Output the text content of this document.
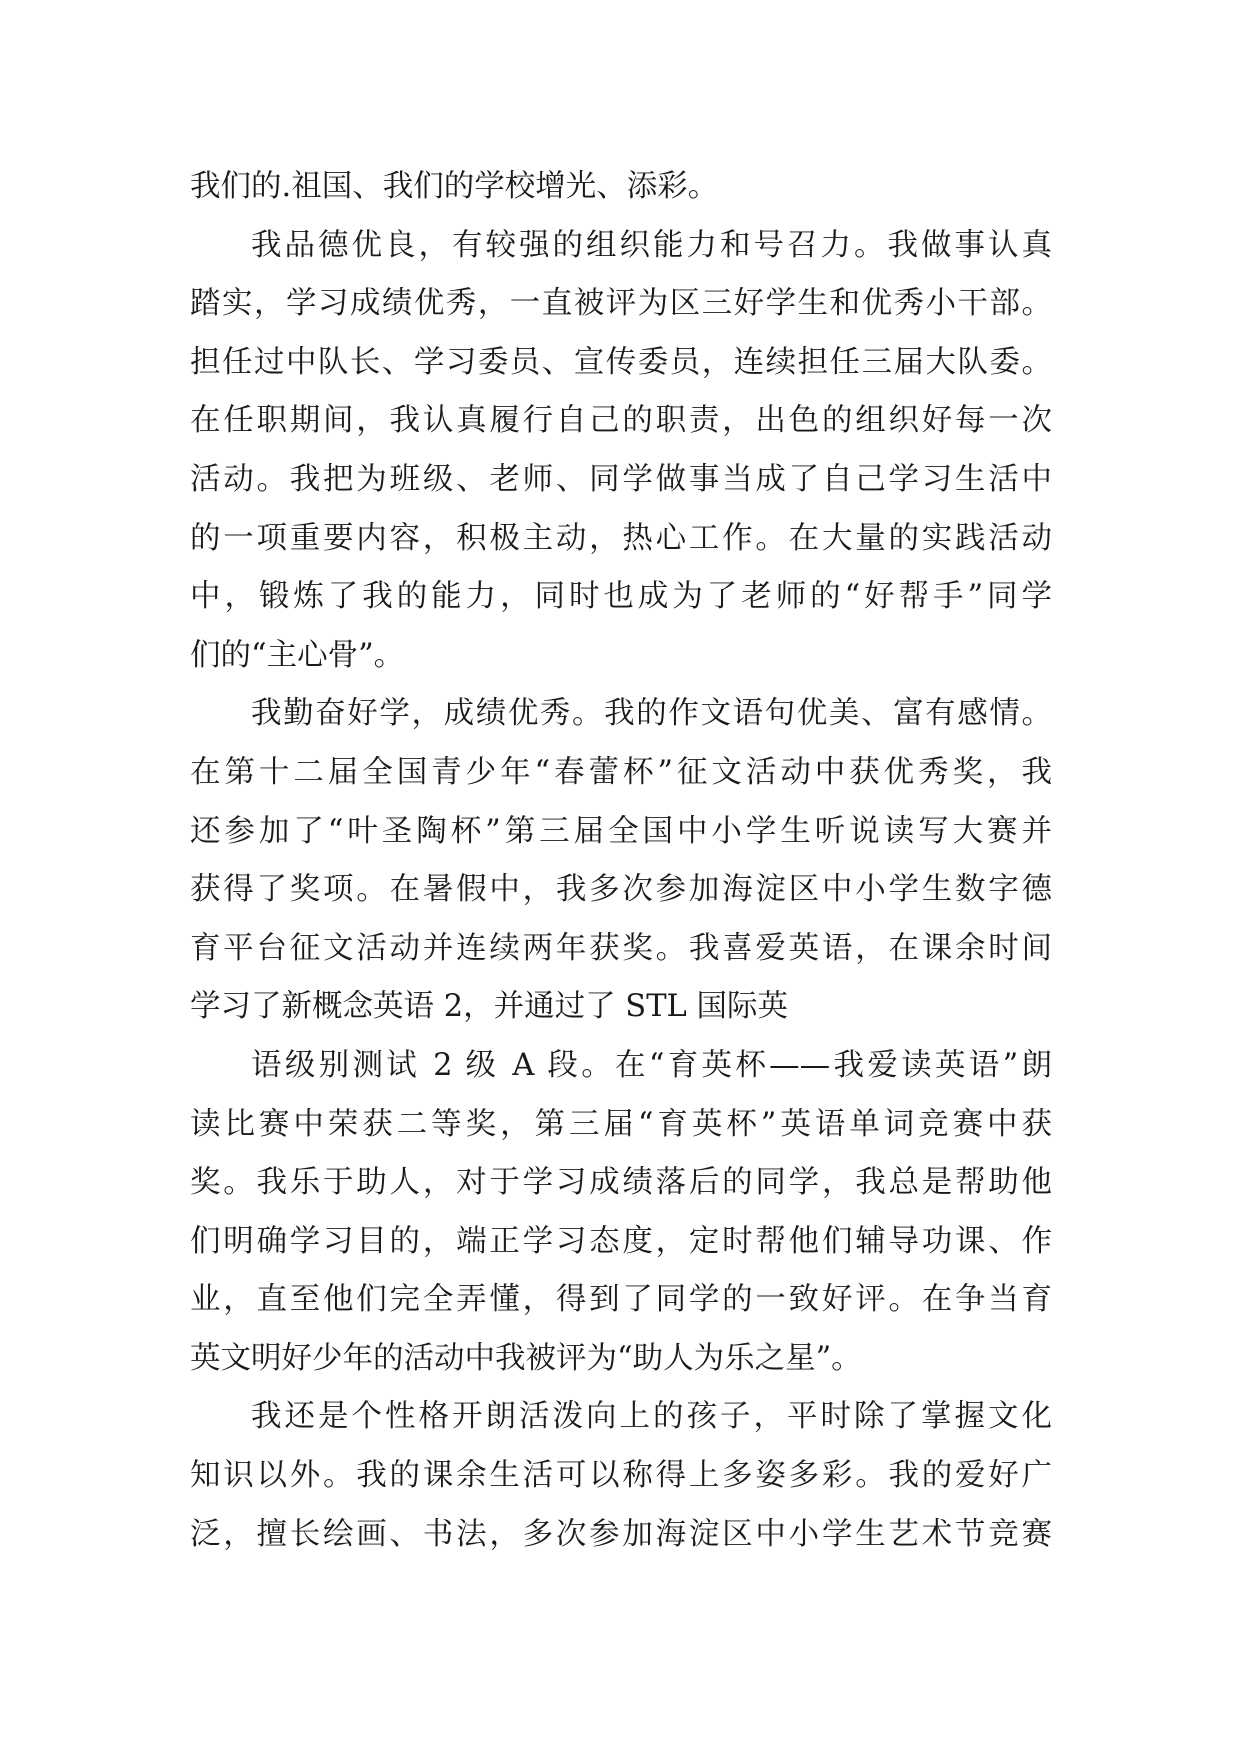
我们的.祖国、我们的学校增光、添彩。
我品德优良，有较强的组织能力和号召力。我做事认真
踏实，学习成绩优秀，一直被评为区三好学生和优秀小干部。
担任过中队长、学习委员、宣传委员，连续担任三届大队委。
在任职期间，我认真履行自己的职责，出色的组织好每一次
活动。我把为班级、老师、同学做事当成了自己学习生活中
的一项重要内容，积极主动，热心工作。在大量的实践活动
中，锻炼了我的能力，同时也成为了老师的“好帮手”同学
们的“主心骨”。
我勤奋好学，成绩优秀。我的作文语句优美、富有感情。
在第十二届全国青少年“春蕾杯”征文活动中获优秀奖，我
还参加了“叶圣陶杯”第三届全国中小学生听说读写大赛并
获得了奖项。在暑假中，我多次参加海淀区中小学生数字德
育平台征文活动并连续两年获奖。我喜爱英语，在课余时间
学习了新概念英语 2，并通过了 STL 国际英
语级别测试 2 级 A 段。在“育英杯——我爱读英语”朗
读比赛中荣获二等奖，第三届“育英杯”英语单词竞赛中获
奖。我乐于助人，对于学习成绩落后的同学，我总是帮助他
们明确学习目的，端正学习态度，定时帮他们辅导功课、作
业，直至他们完全弄懂，得到了同学的一致好评。在争当育
英文明好少年的活动中我被评为“助人为乐之星”。
我还是个性格开朗活泼向上的孩子，平时除了掌握文化
知识以外。我的课余生活可以称得上多姿多彩。我的爱好广
泛，擅长绘画、书法，多次参加海淀区中小学生艺术节竞赛
